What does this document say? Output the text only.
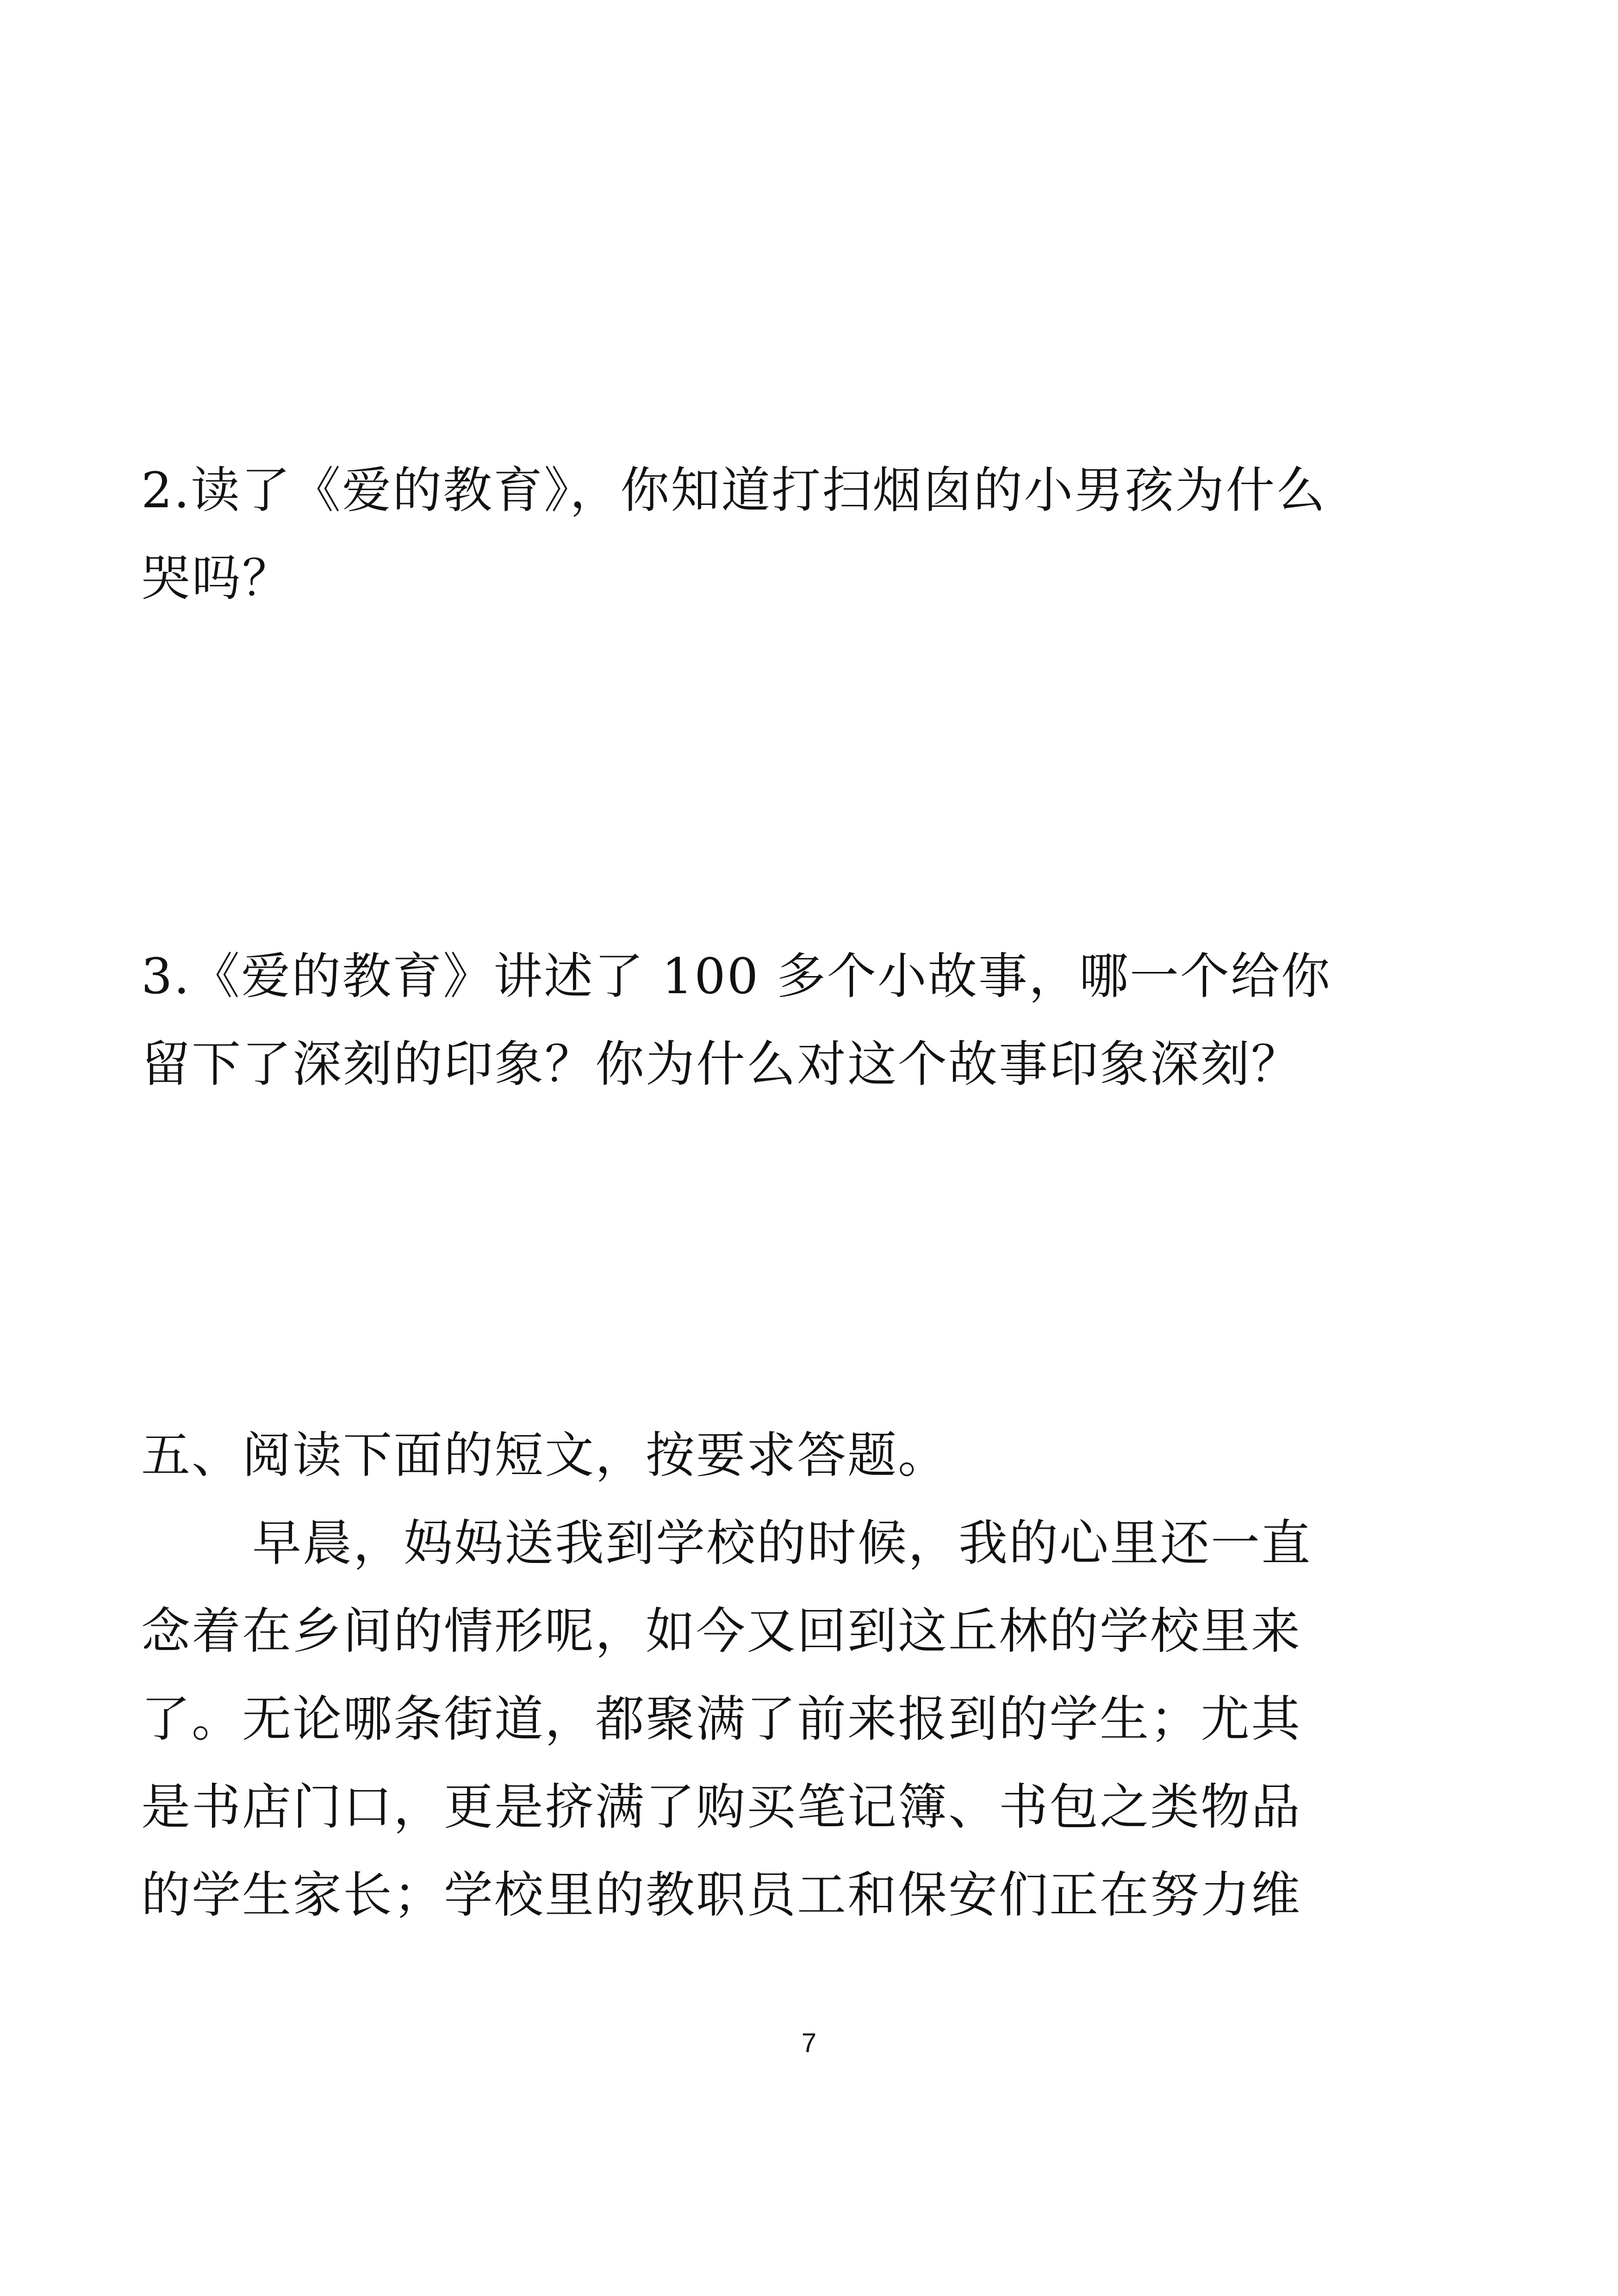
2.读了《爱的教育》，你知道打扫烟囱的小男孩为什么
哭吗？
3.《爱的教育》讲述了 100 多个小故事，哪一个给你
留下了深刻的印象？你为什么对这个故事印象深刻？
五、阅读下面的短文，按要求答题。
早晨，妈妈送我到学校的时候，我的心里还一直
念着在乡间的情形呢，如今又回到这丘林的学校里来
了。无论哪条街道，都聚满了前来报到的学生；尤其
是书店门口，更是挤满了购买笔记簿、书包之类物品
的学生家长；学校里的教职员工和保安们正在努力维
7
